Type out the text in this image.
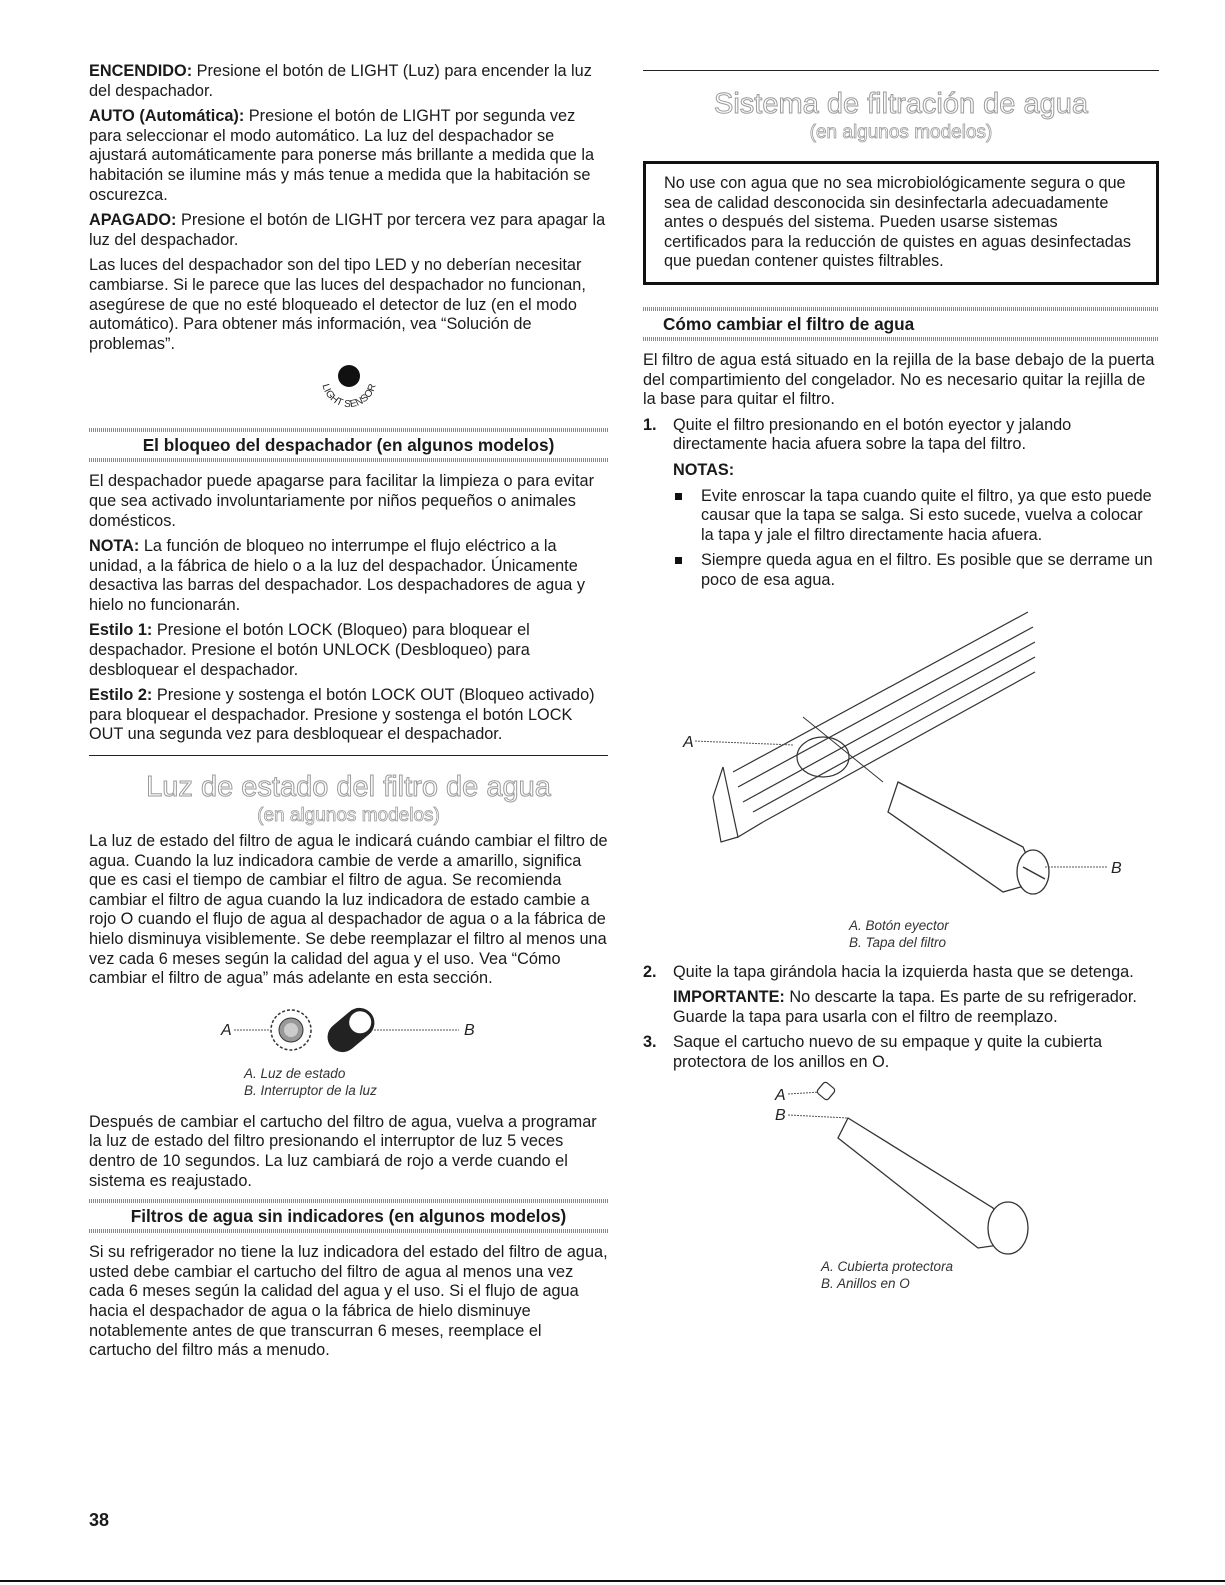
ENCENDIDO: Presione el botón de LIGHT (Luz) para encender la luz del despachador.

AUTO (Automática): Presione el botón de LIGHT por segunda vez para seleccionar el modo automático. La luz del despachador se ajustará automáticamente para ponerse más brillante a medida que la habitación se ilumine más y más tenue a medida que la habitación se oscurezca.

APAGADO: Presione el botón de LIGHT por tercera vez para apagar la luz del despachador.

Las luces del despachador son del tipo LED y no deberían necesitar cambiarse. Si le parece que las luces del despachador no funcionan, asegúrese de que no esté bloqueado el detector de luz (en el modo automático). Para obtener más información, vea “Solución de problemas”.

LIGHT SENSOR
El bloqueo del despachador (en algunos modelos)

El despachador puede apagarse para facilitar la limpieza o para evitar que sea activado involuntariamente por niños pequeños o animales domésticos.

NOTA: La función de bloqueo no interrumpe el flujo eléctrico a la unidad, a la fábrica de hielo o a la luz del despachador. Únicamente desactiva las barras del despachador. Los despachadores de agua y hielo no funcionarán.

Estilo 1: Presione el botón LOCK (Bloqueo) para bloquear el despachador. Presione el botón UNLOCK (Desbloqueo) para desbloquear el despachador.

Estilo 2: Presione y sostenga el botón LOCK OUT (Bloqueo activado) para bloquear el despachador. Presione y sostenga el botón LOCK OUT una segunda vez para desbloquear el despachador.

Luz de estado del filtro de agua
(en algunos modelos)

La luz de estado del filtro de agua le indicará cuándo cambiar el filtro de agua. Cuando la luz indicadora cambie de verde a amarillo, significa que es casi el tiempo de cambiar el filtro de agua. Se recomienda cambiar el filtro de agua cuando la luz indicadora de estado cambie a rojo O cuando el flujo de agua al despachador de agua o a la fábrica de hielo disminuya visiblemente. Se debe reemplazar el filtro al menos una vez cada 6 meses según la calidad del agua y el uso. Vea “Cómo cambiar el filtro de agua” más adelante en esta sección.

A	B
A. Luz de estado
B. Interruptor de la luz

Después de cambiar el cartucho del filtro de agua, vuelva a programar la luz de estado del filtro presionando el interruptor de luz 5 veces dentro de 10 segundos. La luz cambiará de rojo a verde cuando el sistema es reajustado.

Filtros de agua sin indicadores (en algunos modelos)

Si su refrigerador no tiene la luz indicadora del estado del filtro de agua, usted debe cambiar el cartucho del filtro de agua al menos una vez cada 6 meses según la calidad del agua y el uso. Si el flujo de agua hacia el despachador de agua o la fábrica de hielo disminuye notablemente antes de que transcurran 6 meses, reemplace el cartucho del filtro más a menudo.

Sistema de filtración de agua
(en algunos modelos)

No use con agua que no sea microbiológicamente segura o que sea de calidad desconocida sin desinfectarla adecuadamente antes o después del sistema. Pueden usarse sistemas certificados para la reducción de quistes en aguas desinfectadas que puedan contener quistes filtrables.

Cómo cambiar el filtro de agua

El filtro de agua está situado en la rejilla de la base debajo de la puerta del compartimiento del congelador. No es necesario quitar la rejilla de la base para quitar el filtro.

1. Quite el filtro presionando en el botón eyector y jalando directamente hacia afuera sobre la tapa del filtro.

NOTAS:

Evite enroscar la tapa cuando quite el filtro, ya que esto puede causar que la tapa se salga. Si esto sucede, vuelva a colocar la tapa y jale el filtro directamente hacia afuera.

Siempre queda agua en el filtro. Es posible que se derrame un poco de esa agua.

A
B
A. Botón eyector
B. Tapa del filtro
2. Quite la tapa girándola hacia la izquierda hasta que se detenga.

IMPORTANTE: No descarte la tapa. Es parte de su refrigerador. Guarde la tapa para usarla con el filtro de reemplazo.

3. Saque el cartucho nuevo de su empaque y quite la cubierta protectora de los anillos en O.

A
B
A. Cubierta protectora
B. Anillos en O
38
